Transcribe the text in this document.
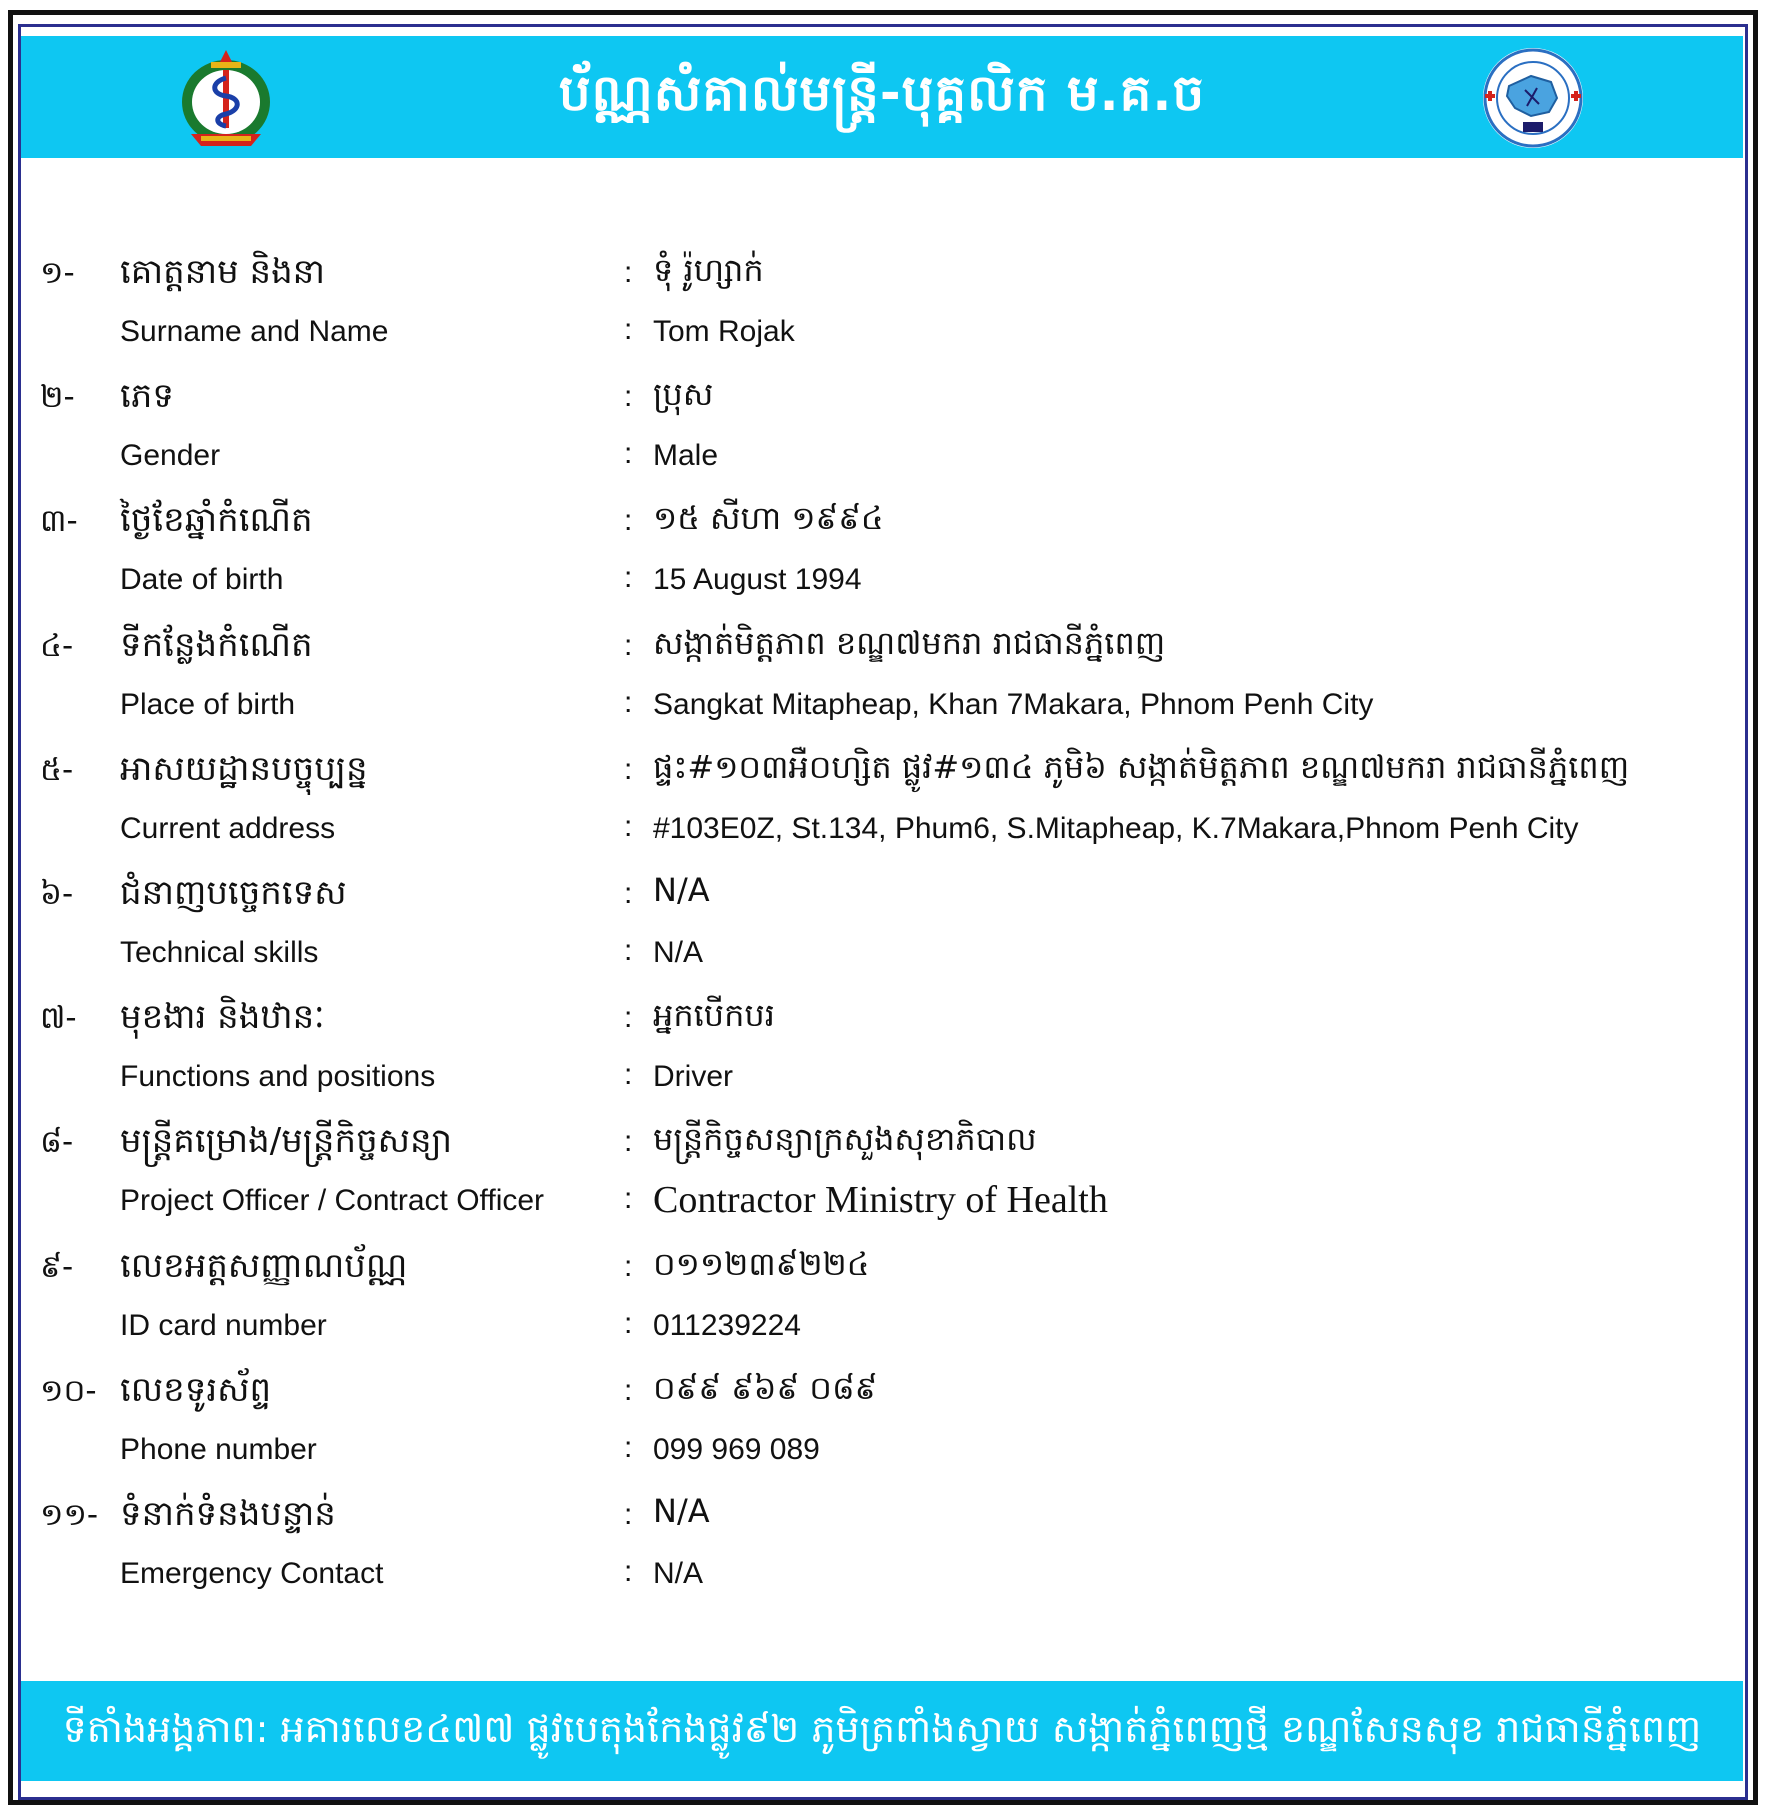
ប័ណ្ណសំគាល់មន្ត្រី-បុគ្គលិក ម.គ.ច
១- គោត្តនាម និងនា	: ទុំ រ៉ូហ្សាក់
Surname and Name	: Tom Rojak
២- ភេទ	: ប្រុស
Gender	: Male
៣- ថ្ងៃខែឆ្នាំកំណើត	: ១៥ សីហា ១៩៩៤
Date of birth	: 15 August 1994
៤- ទីកន្លែងកំណើត	: សង្កាត់មិត្តភាព ខណ្ឌ៧មករា រាជធានីភ្នំពេញ
Place of birth	: Sangkat Mitapheap, Khan 7Makara, Phnom Penh City
៥- អាសយដ្ឋានបច្ចុប្បន្ន	: ផ្ទះ#១០៣អឺ០ហ្សិត ផ្លូវ#១៣៤ ភូមិ៦ សង្កាត់មិត្តភាព ខណ្ឌ៧មករា រាជធានីភ្នំពេញ
Current address	: #103E0Z, St.134, Phum6, S.Mitapheap, K.7Makara,Phnom Penh City
៦- ជំនាញបច្ចេកទេស	: N/A
Technical skills	: N/A
៧- មុខងារ និងឋានៈ	: អ្នកបើកបរ
Functions and positions	: Driver
៨- មន្ត្រីគម្រោង/មន្ត្រីកិច្ចសន្យា	: មន្ត្រីកិច្ចសន្យាក្រសួងសុខាភិបាល
Project Officer / Contract Officer	: Contractor Ministry of Health
៩- លេខអត្តសញ្ញាណប័ណ្ណ	: ០១១២៣៩២២៤
ID card number	: 011239224
១០- លេខទូរស័ព្ទ	: ០៩៩ ៩៦៩ ០៨៩
Phone number	: 099 969 089
១១- ទំនាក់ទំនងបន្ទាន់	: N/A
Emergency Contact	: N/A
ទីតាំងអង្គភាព: អគារលេខ៤៧៧ ផ្លូវបេតុងកែងផ្លូវ៩២ ភូមិត្រពាំងស្វាយ សង្កាត់ភ្នំពេញថ្មី ខណ្ឌសែនសុខ រាជធានីភ្នំពេញ
